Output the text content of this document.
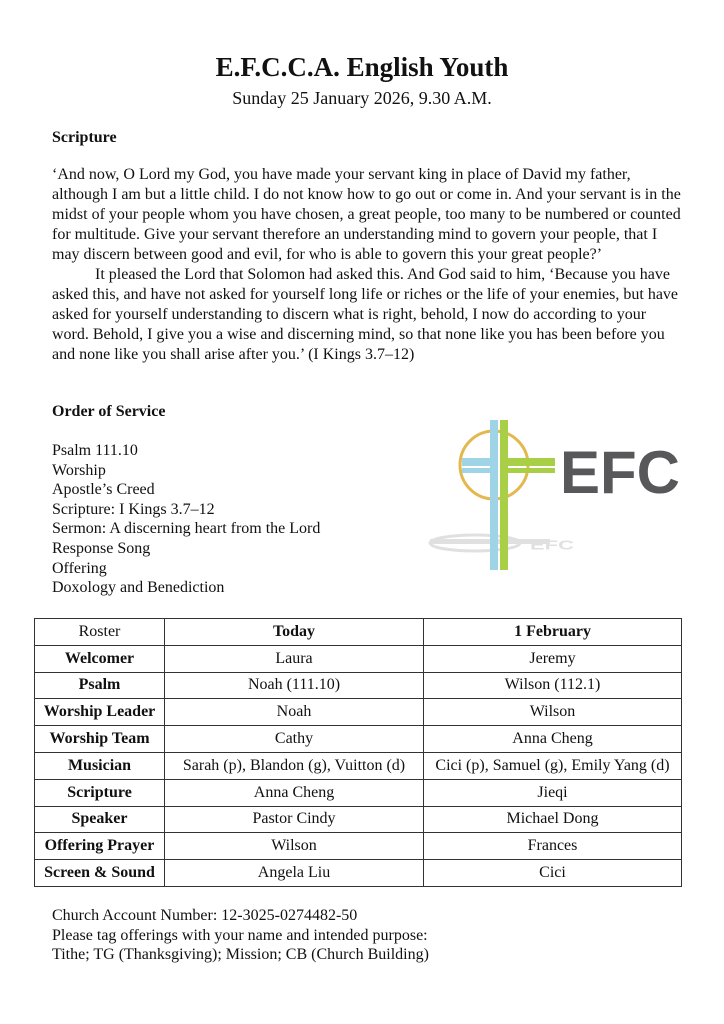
E.F.C.C.A. English Youth
Sunday 25 January 2026, 9.30 A.M.
Scripture

‘And now, O Lord my God, you have made your servant king in place of David my father, although I am but a little child. I do not know how to go out or come in. And your servant is in the midst of your people whom you have chosen, a great people, too many to be numbered or counted for multitude. Give your servant therefore an understanding mind to govern your people, that I may discern between good and evil, for who is able to govern this your great people?’

It pleased the Lord that Solomon had asked this. And God said to him, ‘Because you have asked this, and have not asked for yourself long life or riches or the life of your enemies, but have asked for yourself understanding to discern what is right, behold, I now do according to your word. Behold, I give you a wise and discerning mind, so that none like you has been before you and none like you shall arise after you.’ (I Kings 3.7–12)

Order of Service
Psalm 111.10
Worship
Apostle’s Creed
Scripture: I Kings 3.7–12
Sermon: A discerning heart from the Lord
Response Song
Offering
Doxology and Benediction
EFC
EFC
Roster	Today	1 February
Welcomer	Laura	Jeremy
Psalm	Noah (111.10)	Wilson (112.1)
Worship Leader	Noah	Wilson
Worship Team	Cathy	Anna Cheng
Musician	Sarah (p), Blandon (g), Vuitton (d)	Cici (p), Samuel (g), Emily Yang (d)
Scripture	Anna Cheng	Jieqi
Speaker	Pastor Cindy	Michael Dong
Offering Prayer	Wilson	Frances
Screen & Sound	Angela Liu	Cici
Church Account Number: 12-3025-0274482-50
Please tag offerings with your name and intended purpose:
Tithe; TG (Thanksgiving); Mission; CB (Church Building)
